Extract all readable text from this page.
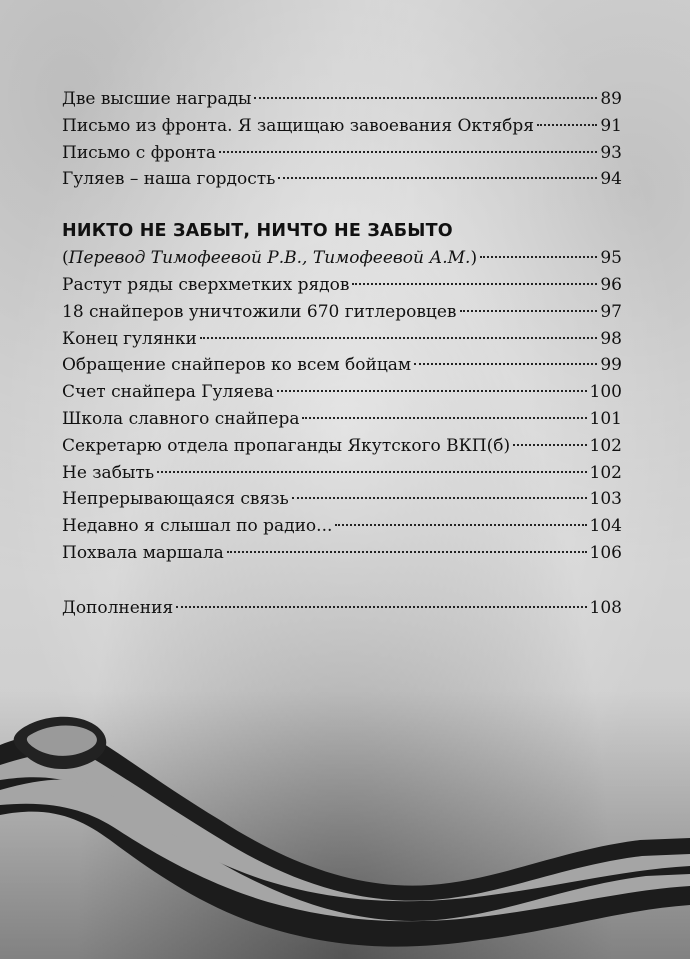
Две высшие награды	89
Письмо из фронта. Я защищаю завоевания Октября	91
Письмо с фронта	93
Гуляев – наша гордость	94
НИКТО НЕ ЗАБЫТ, НИЧТО НЕ ЗАБЫТО
(Перевод Тимофеевой Р.В., Тимофеевой А.М.)	95
Растут ряды сверхметких рядов	96
18 снайперов уничтожили 670 гитлеровцев	97
Конец гулянки	98
Обращение снайперов ко всем бойцам	99
Счет снайпера Гуляева	100
Школа славного снайпера	101
Секретарю отдела пропаганды Якутского ВКП(б)	102
Не забыть	102
Непрерывающаяся связь	103
Недавно я слышал по радио...	104
Похвала маршала	106
Дополнения	108
